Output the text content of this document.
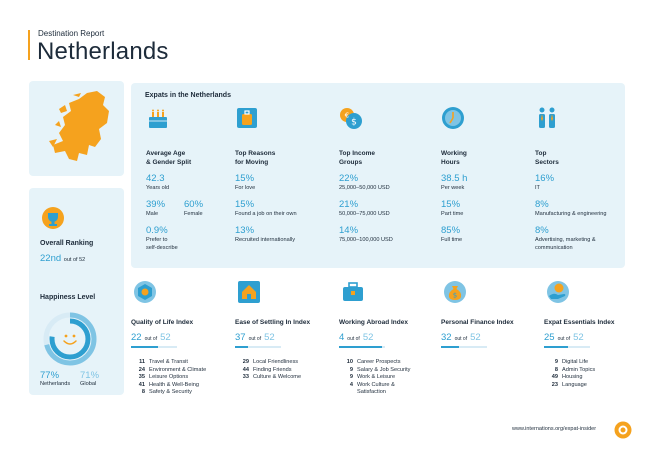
Destination Report
Netherlands
Overall Ranking
22nd out of 52
Happiness Level
77%
Netherlands
71%
Global
Expats in the Netherlands
Average Age
& Gender Split
42.3
Years old
39%
Male
60%
Female
0.9%
Prefer to
self-describe
Top Reasons
for Moving
15%
For love
15%
Found a job on their own
13%
Recruited internationally
$
€
Top Income
Groups
22%
25,000–50,000 USD
21%
50,000–75,000 USD
14%
75,000–100,000 USD
Working
Hours
38.5 h
Per week
15%
Part time
85%
Full time
Top
Sectors
16%
IT
8%
Manufacturing & engineering
8%
Advertising, marketing &
communication
Quality of Life Index
22 out of 52
11 Travel & Transit
24 Environment & Climate
35 Leisure Options
41 Health & Well-Being
8 Safety & Security
Ease of Settling In Index
37 out of 52
29 Local Friendliness
44 Finding Friends
33 Culture & Welcome
Working Abroad Index
4 out of 52
10 Career Prospects
9 Salary & Job Security
9 Work & Leisure
4 Work Culture &
Satisfaction
$
Personal Finance Index
32 out of 52
Expat Essentials Index
25 out of 52
9 Digital Life
8 Admin Topics
49 Housing
23 Language
www.internations.org/expat-insider
